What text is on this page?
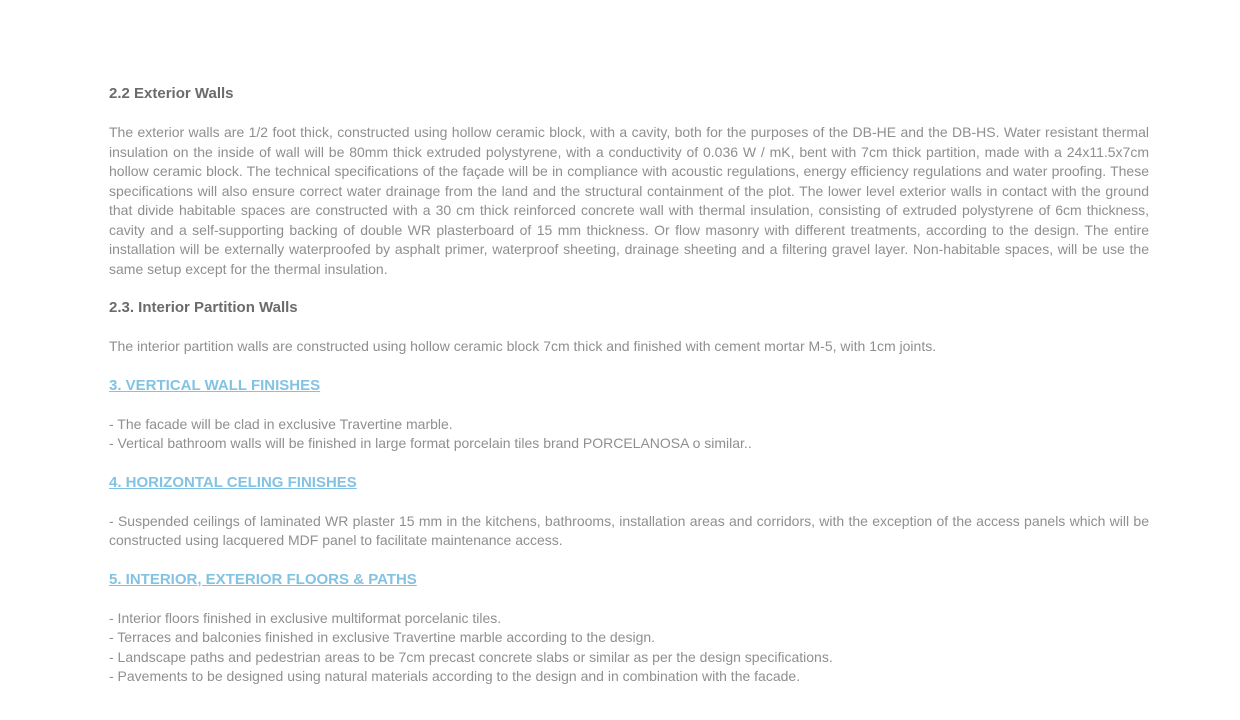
2.2 Exterior Walls

The exterior walls are 1/2 foot thick, constructed using hollow ceramic block, with a cavity, both for the purposes of the DB-HE and the DB-HS. Water resistant thermal insulation on the inside of wall will be 80mm thick extruded polystyrene, with a conductivity of 0.036 W / mK, bent with 7cm thick partition, made with a 24x11.5x7cm hollow ceramic block. The technical specifications of the façade will be in compliance with acoustic regulations, energy efficiency regulations and water proofing. These specifications will also ensure correct water drainage from the land and the structural containment of the plot. The lower level exterior walls in contact with the ground that divide habitable spaces are constructed with a 30 cm thick reinforced concrete wall with thermal insulation, consisting of extruded polystyrene of 6cm thickness, cavity and a self-supporting backing of double WR plasterboard of 15 mm thickness. Or flow masonry with different treatments, according to the design. The entire installation will be externally waterproofed by asphalt primer, waterproof sheeting, drainage sheeting and a filtering gravel layer. Non-habitable spaces, will be use the same setup except for the thermal insulation.

2.3. Interior Partition Walls

The interior partition walls are constructed using hollow ceramic block 7cm thick and finished with cement mortar M-5, with 1cm joints.

3. VERTICAL WALL FINISHES
- The facade will be clad in exclusive Travertine marble.
- Vertical bathroom walls will be finished in large format porcelain tiles brand PORCELANOSA o similar..
4. HORIZONTAL CELING FINISHES

- Suspended ceilings of laminated WR plaster 15 mm in the kitchens, bathrooms, installation areas and corridors, with the exception of the access panels which will be constructed using lacquered MDF panel to facilitate maintenance access.

5. INTERIOR, EXTERIOR FLOORS & PATHS
- Interior floors finished in exclusive multiformat porcelanic tiles.
- Terraces and balconies finished in exclusive Travertine marble according to the design.
- Landscape paths and pedestrian areas to be 7cm precast concrete slabs or similar as per the design specifications.
- Pavements to be designed using natural materials according to the design and in combination with the facade.
